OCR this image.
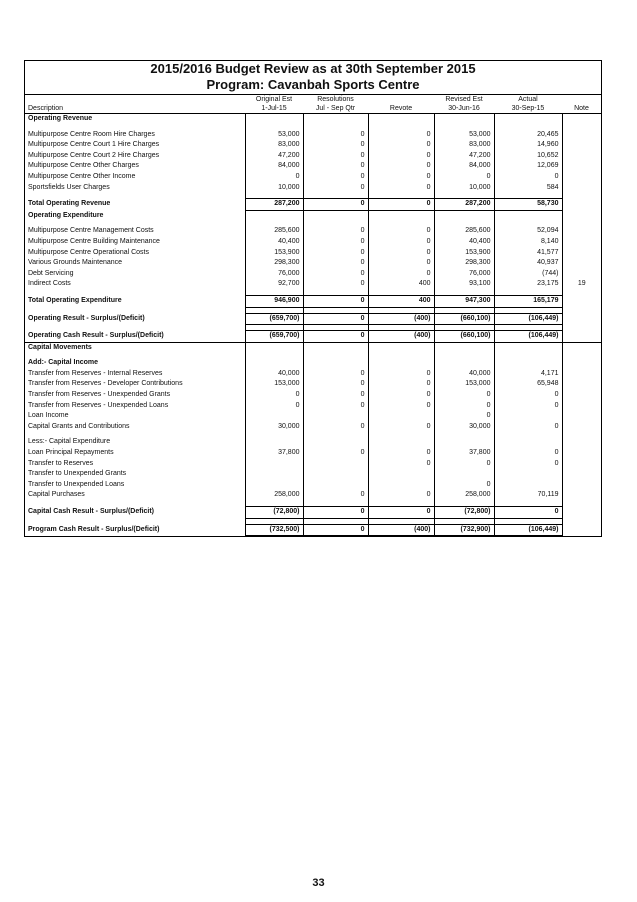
2015/2016 Budget Review as at 30th September 2015
Program: Cavanbah Sports Centre
	Original Est	Resolutions		Revised Est	Actual	
Description	1-Jul-15	Jul - Sep Qtr	Revote	30-Jun-16	30-Sep-15	Note
Operating Revenue						

Multipurpose Centre Room Hire Charges	53,000	0	0	53,000	20,465	
Multipurpose Centre Court 1 Hire Charges	83,000	0	0	83,000	14,960	
Multipurpose Centre Court 2 Hire Charges	47,200	0	0	47,200	10,652	
Multipurpose Centre Other Charges	84,000	0	0	84,000	12,069	
Multipurpose Centre Other Income	0	0	0	0	0	
Sportsfields User Charges	10,000	0	0	10,000	584	

Total Operating Revenue	287,200	0	0	287,200	58,730	
Operating Expenditure						

Multipurpose Centre Management Costs	285,600	0	0	285,600	52,094	
Multipurpose Centre Building Maintenance	40,400	0	0	40,400	8,140	
Multipurpose Centre Operational Costs	153,900	0	0	153,900	41,577	
Various Grounds Maintenance	298,300	0	0	298,300	40,937	
Debt Servicing	76,000	0	0	76,000	(744)	
Indirect Costs	92,700	0	400	93,100	23,175	19

Total Operating Expenditure	946,900	0	400	947,300	165,179	

Operating Result - Surplus/(Deficit)	(659,700)	0	(400)	(660,100)	(106,449)	

Operating Cash Result - Surplus/(Deficit)	(659,700)	0	(400)	(660,100)	(106,449)	
Capital Movements						

Add:- Capital Income						
Transfer from Reserves - Internal Reserves	40,000	0	0	40,000	4,171	
Transfer from Reserves - Developer Contributions	153,000	0	0	153,000	65,948	
Transfer from Reserves - Unexpended Grants	0	0	0	0	0	
Transfer from Reserves - Unexpended Loans	0	0	0	0	0	
Loan Income				0		
Capital Grants and Contributions	30,000	0	0	30,000	0	

Less:- Capital Expenditure						
Loan Principal Repayments	37,800	0	0	37,800	0	
Transfer to Reserves			0	0	0	
Transfer to Unexpended Grants						
Transfer to Unexpended Loans				0		
Capital Purchases	258,000	0	0	258,000	70,119	

Capital Cash Result - Surplus/(Deficit)	(72,800)	0	0	(72,800)	0	

Program Cash Result - Surplus/(Deficit)	(732,500)	0	(400)	(732,900)	(106,449)	
33
